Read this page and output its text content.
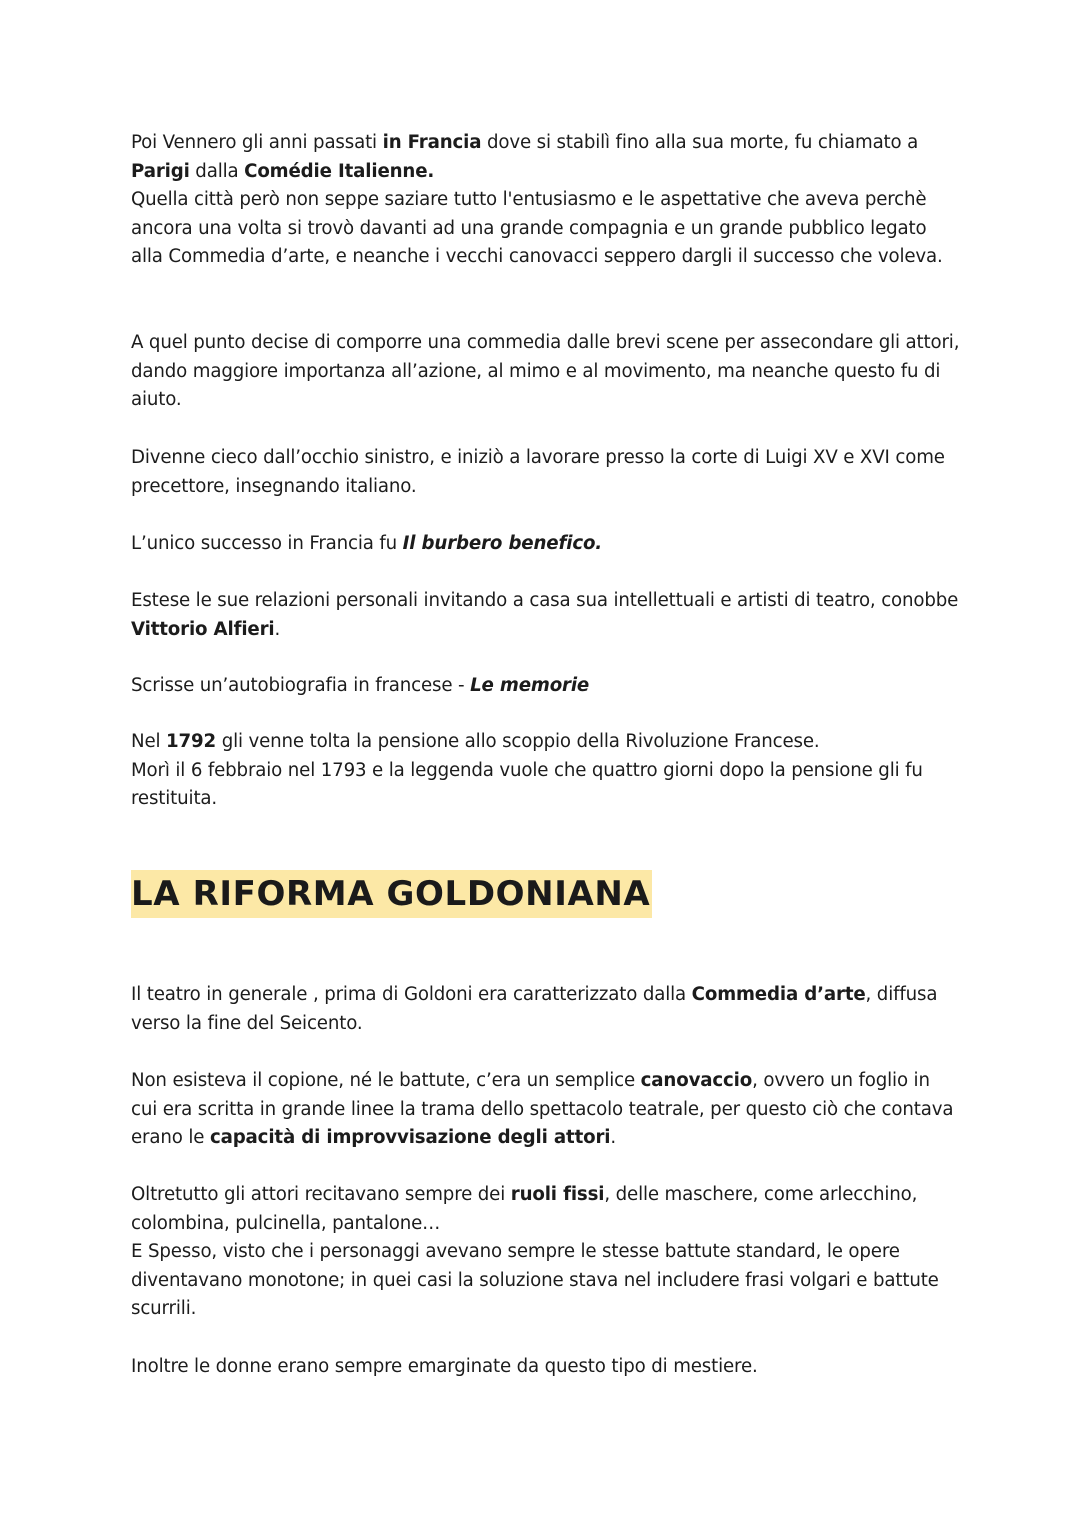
Poi Vennero gli anni passati in Francia dove si stabilì fino alla sua morte, fu chiamato a Parigi dalla Comédie Italienne.
Quella città però non seppe saziare tutto l'entusiasmo e le aspettative che aveva perchè ancora una volta si trovò davanti ad una grande compagnia e un grande pubblico legato alla Commedia d’arte, e neanche i vecchi canovacci seppero dargli il successo che voleva.

A quel punto decise di comporre una commedia dalle brevi scene per assecondare gli attori, dando maggiore importanza all’azione, al mimo e al movimento, ma neanche questo fu di aiuto.

Divenne cieco dall’occhio sinistro, e iniziò a lavorare presso la corte di Luigi XV e XVI come precettore, insegnando italiano.

L’unico successo in Francia fu Il burbero benefico.

Estese le sue relazioni personali invitando a casa sua intellettuali e artisti di teatro, conobbe Vittorio Alfieri.

Scrisse un’autobiografia in francese - Le memorie

Nel 1792 gli venne tolta la pensione allo scoppio della Rivoluzione Francese.
Morì il 6 febbraio nel 1793 e la leggenda vuole che quattro giorni dopo la pensione gli fu restituita.

LA RIFORMA GOLDONIANA

Il teatro in generale , prima di Goldoni era caratterizzato dalla Commedia d’arte, diffusa verso la fine del Seicento.

Non esisteva il copione, né le battute, c’era un semplice canovaccio, ovvero un foglio in cui era scritta in grande linee la trama dello spettacolo teatrale, per questo ciò che contava erano le capacità di improvvisazione degli attori.

Oltretutto gli attori recitavano sempre dei ruoli fissi, delle maschere, come arlecchino, colombina, pulcinella, pantalone…
E Spesso, visto che i personaggi avevano sempre le stesse battute standard, le opere diventavano monotone; in quei casi la soluzione stava nel includere frasi volgari e battute scurrili.

Inoltre le donne erano sempre emarginate da questo tipo di mestiere.
